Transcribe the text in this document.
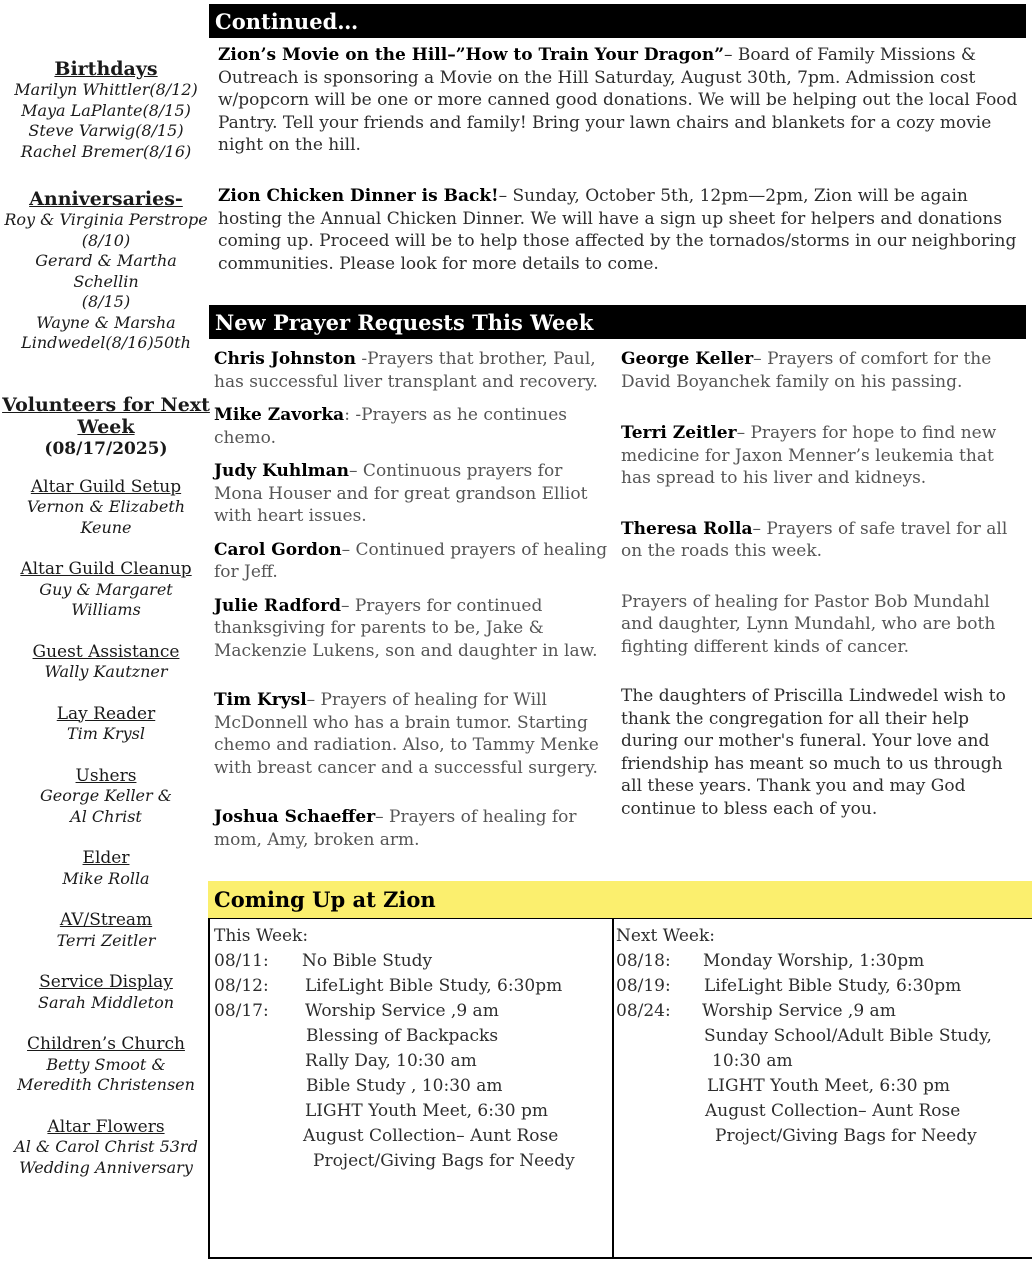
Birthdays
Marilyn Whittler(8/12)
Maya LaPlante(8/15)
Steve Varwig(8/15)
Rachel Bremer(8/16)
Anniversaries-
Roy & Virginia Perstrope
(8/10)
Gerard & Martha Schellin
(8/15)
Wayne & Marsha
Lindwedel(8/16)50th
Volunteers for Next
Week
(08/17/2025)
Altar Guild Setup
Vernon & Elizabeth
Keune
Altar Guild Cleanup
Guy & Margaret
Williams
Guest Assistance
Wally Kautzner
Lay Reader
Tim Krysl
Ushers
George Keller &
Al Christ
Elder
Mike Rolla
AV/Stream
Terri Zeitler
Service Display
Sarah Middleton
Children’s Church
Betty Smoot &
Meredith Christensen
Altar Flowers
Al & Carol Christ 53rd
Wedding Anniversary
Continued…
Zion’s Movie on the Hill–”How to Train Your Dragon”– Board of Family Missions & Outreach is sponsoring a Movie on the Hill Saturday, August 30th, 7pm. Admission cost w/popcorn will be one or more canned good donations. We will be helping out the local Food Pantry. Tell your friends and family! Bring your lawn chairs and blankets for a cozy movie night on the hill.
Zion Chicken Dinner is Back!– Sunday, October 5th, 12pm—2pm, Zion will be again hosting the Annual Chicken Dinner. We will have a sign up sheet for helpers and donations coming up. Proceed will be to help those affected by the tornados/storms in our neighboring communities. Please look for more details to come.
New Prayer Requests This Week

Chris Johnston -Prayers that brother, Paul, has successful liver transplant and recovery.

Mike Zavorka: -Prayers as he continues chemo.

Judy Kuhlman– Continuous prayers for Mona Houser and for great grandson Elliot with heart issues.

Carol Gordon– Continued prayers of healing for Jeff.

Julie Radford– Prayers for continued thanksgiving for parents to be, Jake & Mackenzie Lukens, son and daughter in law.

Tim Krysl– Prayers of healing for Will McDonnell who has a brain tumor. Starting chemo and radiation. Also, to Tammy Menke with breast cancer and a successful surgery.

Joshua Schaeffer– Prayers of healing for mom, Amy, broken arm.

George Keller– Prayers of comfort for the David Boyanchek family on his passing.

Terri Zeitler– Prayers for hope to find new medicine for Jaxon Menner’s leukemia that has spread to his liver and kidneys.

Theresa Rolla– Prayers of safe travel for all on the roads this week.

Prayers of healing for Pastor Bob Mundahl and daughter, Lynn Mundahl, who are both fighting different kinds of cancer.

The daughters of Priscilla Lindwedel wish to thank the congregation for all their help during our mother's funeral. Your love and friendship has meant so much to us through all these years. Thank you and may God continue to bless each of you.

Coming Up at Zion
This Week:
08/11: No Bible Study
08/12: LifeLight Bible Study, 6:30pm
08/17: Worship Service ,9 am
Blessing of Backpacks
Rally Day, 10:30 am
Bible Study , 10:30 am
LIGHT Youth Meet, 6:30 pm
August Collection– Aunt Rose
Project/Giving Bags for Needy
Next Week:
08/18: Monday Worship, 1:30pm
08/19: LifeLight Bible Study, 6:30pm
08/24: Worship Service ,9 am
Sunday School/Adult Bible Study,
10:30 am
LIGHT Youth Meet, 6:30 pm
August Collection– Aunt Rose
Project/Giving Bags for Needy
